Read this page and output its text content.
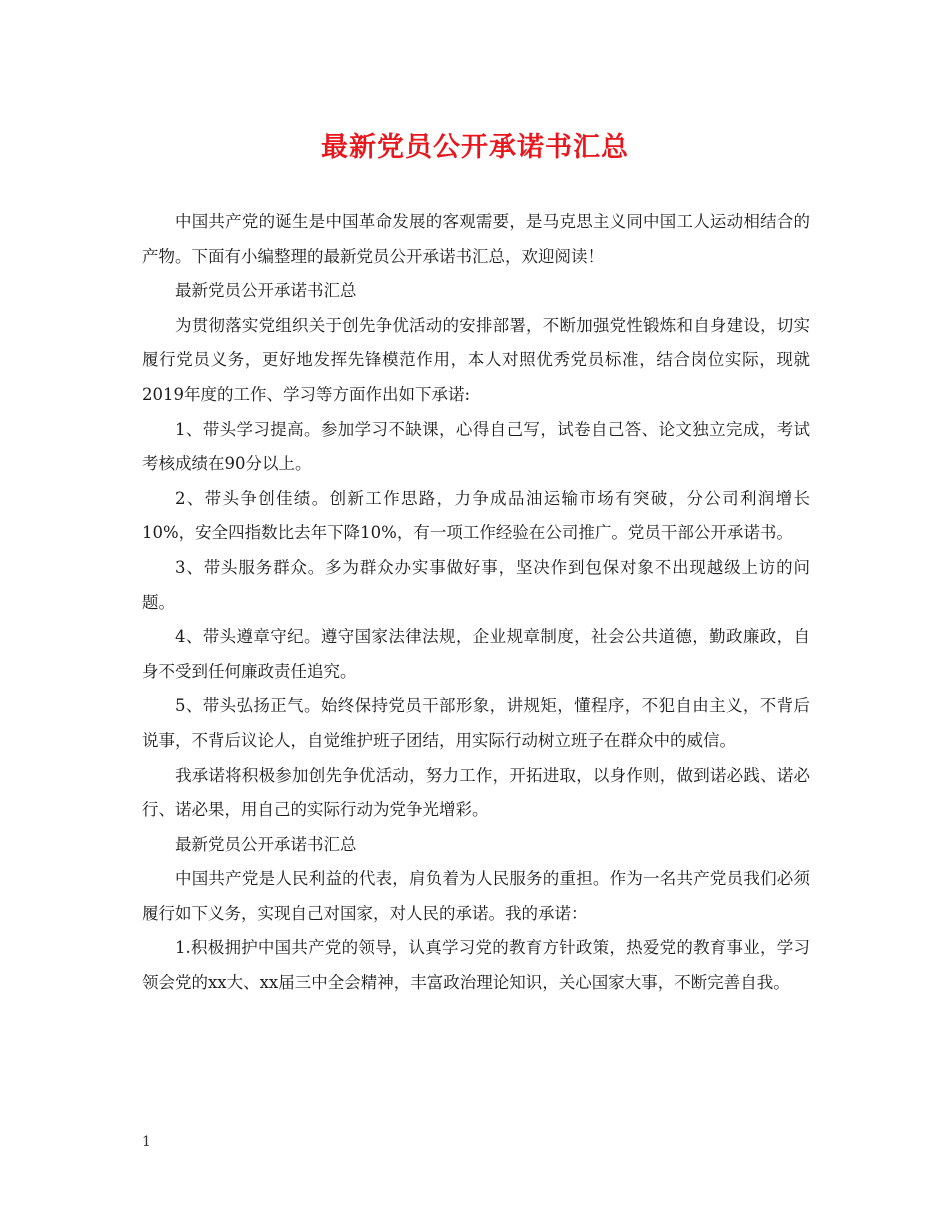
最新党员公开承诺书汇总

中国共产党的诞生是中国革命发展的客观需要，是马克思主义同中国工人运动相结合的产物。下面有小编整理的最新党员公开承诺书汇总，欢迎阅读！

最新党员公开承诺书汇总

为贯彻落实党组织关于创先争优活动的安排部署，不断加强党性锻炼和自身建设，切实履行党员义务，更好地发挥先锋模范作用，本人对照优秀党员标准，结合岗位实际，现就2019年度的工作、学习等方面作出如下承诺:

1、带头学习提高。参加学习不缺课，心得自己写，试卷自己答、论文独立完成，考试考核成绩在90分以上。

2、带头争创佳绩。创新工作思路，力争成品油运输市场有突破，分公司利润增长10%，安全四指数比去年下降10%，有一项工作经验在公司推广。党员干部公开承诺书。

3、带头服务群众。多为群众办实事做好事，坚决作到包保对象不出现越级上访的问题。

4、带头遵章守纪。遵守国家法律法规，企业规章制度，社会公共道德，勤政廉政，自身不受到任何廉政责任追究。

5、带头弘扬正气。始终保持党员干部形象，讲规矩，懂程序，不犯自由主义，不背后说事，不背后议论人，自觉维护班子团结，用实际行动树立班子在群众中的威信。

我承诺将积极参加创先争优活动，努力工作，开拓进取，以身作则，做到诺必践、诺必行、诺必果，用自己的实际行动为党争光增彩。

最新党员公开承诺书汇总

中国共产党是人民利益的代表，肩负着为人民服务的重担。作为一名共产党员我们必须履行如下义务，实现自己对国家，对人民的承诺。我的承诺：

1.积极拥护中国共产党的领导，认真学习党的教育方针政策，热爱党的教育事业，学习领会党的xx大、xx届三中全会精神，丰富政治理论知识，关心国家大事，不断完善自我。

1
